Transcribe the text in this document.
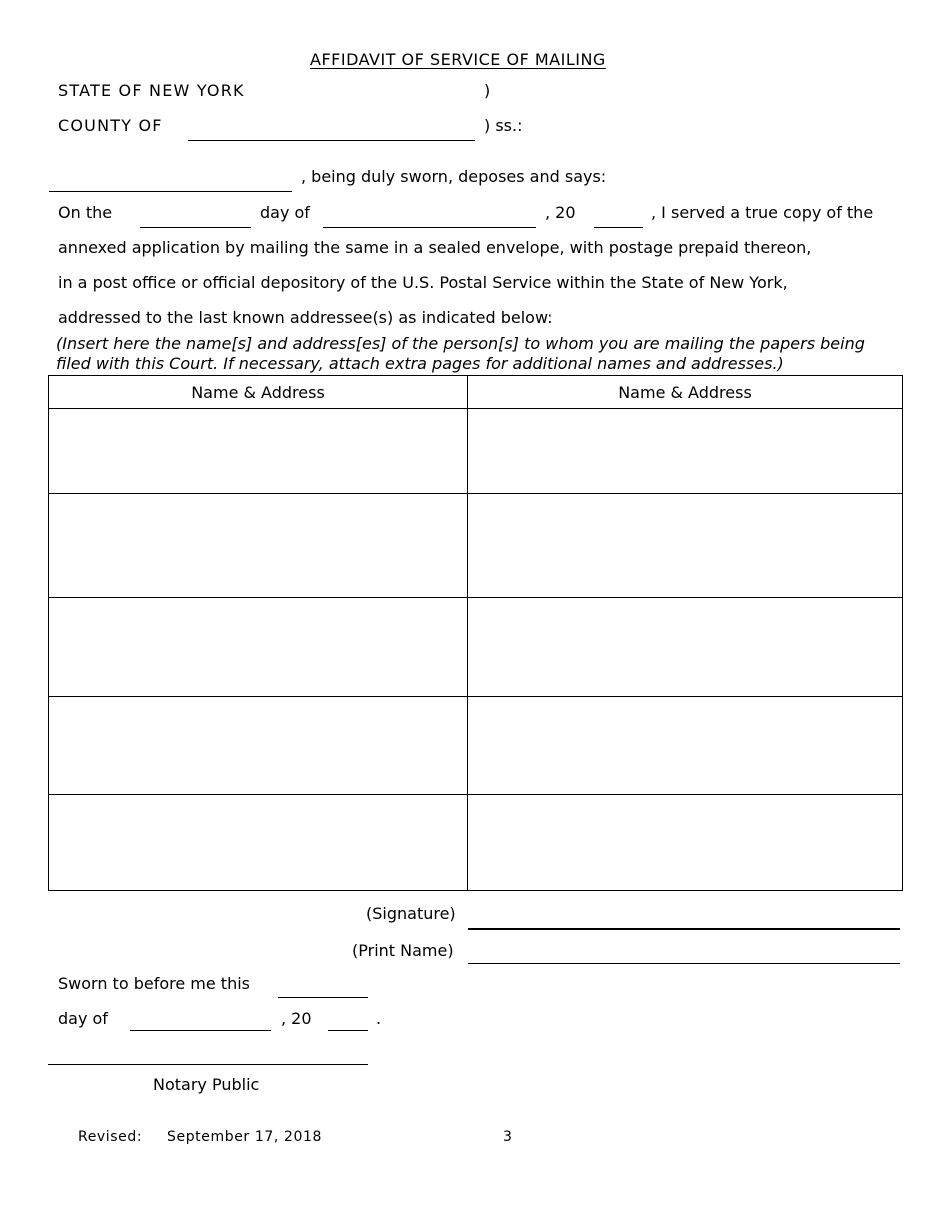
AFFIDAVIT OF SERVICE OF MAILING
STATE OF NEW YORK	)
COUNTY OF	) ss.:
, being duly sworn, deposes and says:
On the	day of	, 20	, I served a true copy of the
annexed application by mailing the same in a sealed envelope, with postage prepaid thereon,
in a post office or official depository of the U.S. Postal Service within the State of New York,
addressed to the last known addressee(s) as indicated below:
(Insert here the name[s] and address[es] of the person[s] to whom you are mailing the papers being
filed with this Court. If necessary, attach extra pages for additional names and addresses.)
Name & Address	Name & Address

(Signature)
(Print Name)
Sworn to before me this
day of	, 20	.
Notary Public
Revised: September 17, 2018	3
